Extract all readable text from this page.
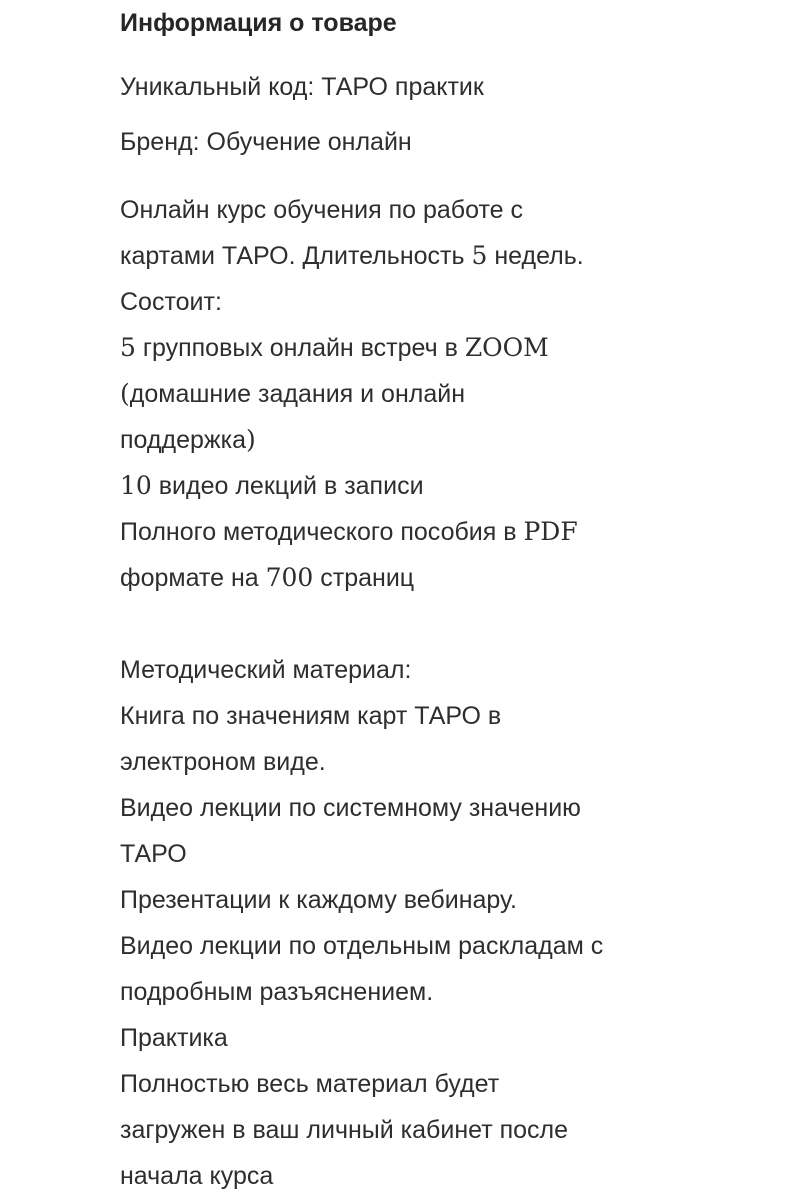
Информация о товаре

Уникальный код: ТАРО практик

Бренд: Обучение онлайн

Онлайн курс обучения по работе с
картами ТАРО. Длительность 5 недель.
Состоит:
5 групповых онлайн встреч в ZOOM
(домашние задания и онлайн
поддержка)
10 видео лекций в записи
Полного методического пособия в PDF
формате на 700 страниц
Методический материал:
Книга по значениям карт ТАРО в
электроном виде.
Видео лекции по системному значению
ТАРО
Презентации к каждому вебинару.
Видео лекции по отдельным раскладам с
подробным разъяснением.
Практика
Полностью весь материал будет
загружен в ваш личный кабинет после
начала курса
